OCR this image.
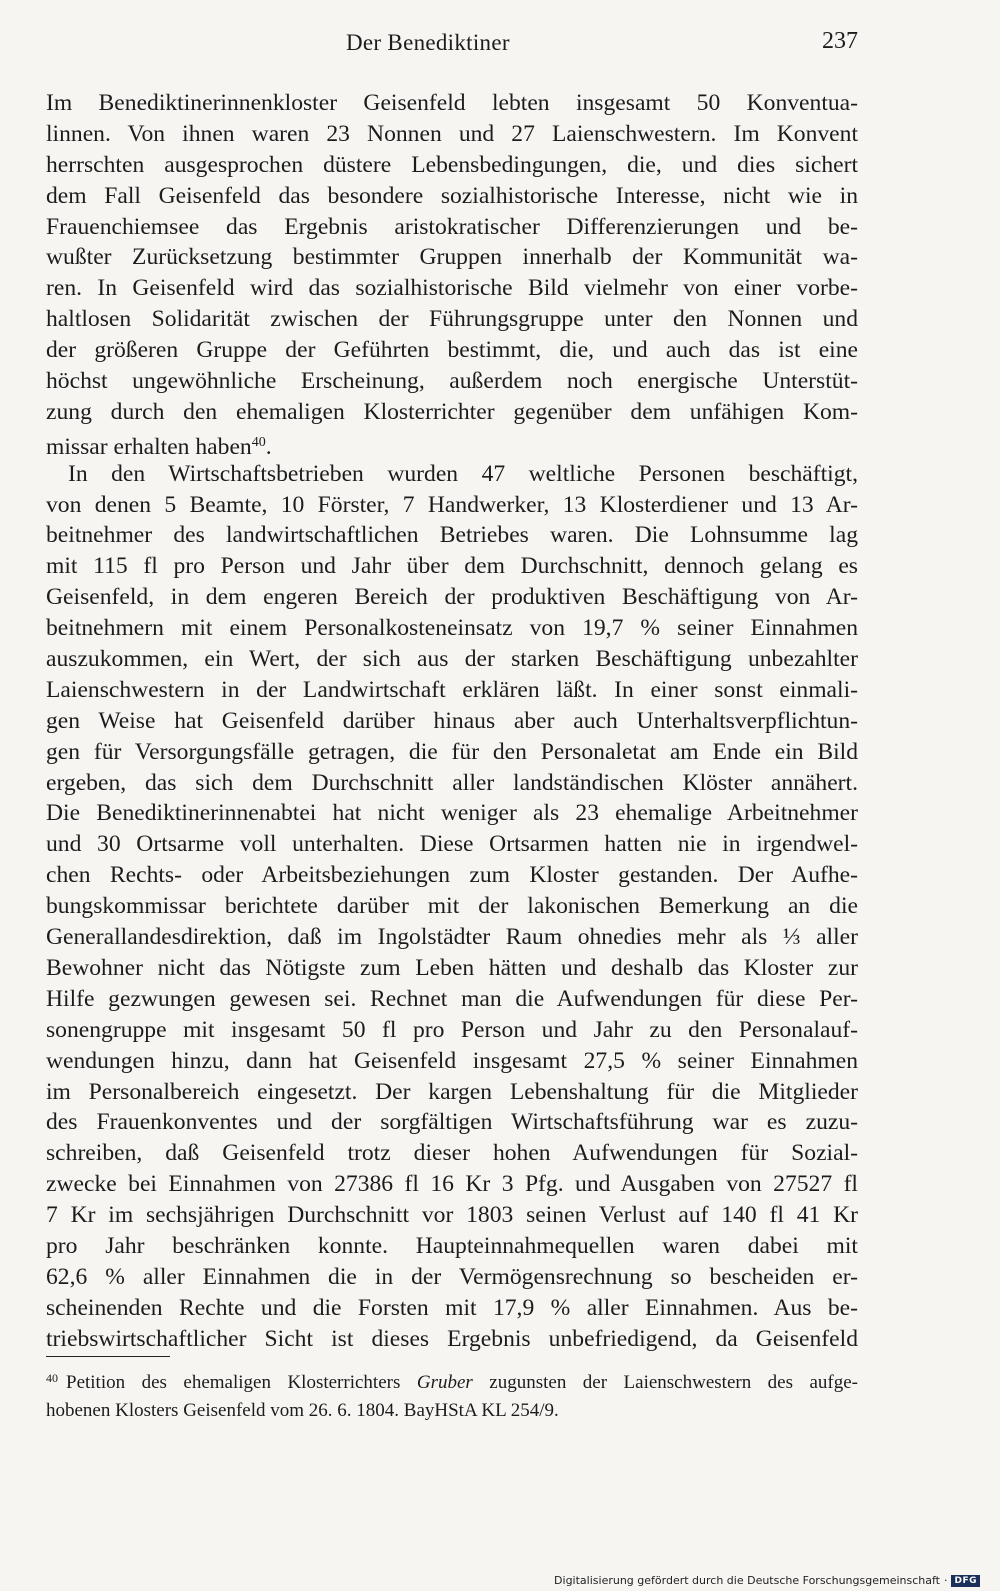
Der Benediktiner	237
Im Benediktinerinnenkloster Geisenfeld lebten insgesamt 50 Konventua-
linnen. Von ihnen waren 23 Nonnen und 27 Laienschwestern. Im Konvent
herrschten ausgesprochen düstere Lebensbedingungen, die, und dies sichert
dem Fall Geisenfeld das besondere sozialhistorische Interesse, nicht wie in
Frauenchiemsee das Ergebnis aristokratischer Differenzierungen und be-
wußter Zurücksetzung bestimmter Gruppen innerhalb der Kommunität wa-
ren. In Geisenfeld wird das sozialhistorische Bild vielmehr von einer vorbe-
haltlosen Solidarität zwischen der Führungsgruppe unter den Nonnen und
der größeren Gruppe der Geführten bestimmt, die, und auch das ist eine
höchst ungewöhnliche Erscheinung, außerdem noch energische Unterstüt-
zung durch den ehemaligen Klosterrichter gegenüber dem unfähigen Kom-
missar erhalten haben$^{40}$.
In den Wirtschaftsbetrieben wurden 47 weltliche Personen beschäftigt,
von denen 5 Beamte, 10 Förster, 7 Handwerker, 13 Klosterdiener und 13 Ar-
beitnehmer des landwirtschaftlichen Betriebes waren. Die Lohnsumme lag
mit 115 fl pro Person und Jahr über dem Durchschnitt, dennoch gelang es
Geisenfeld, in dem engeren Bereich der produktiven Beschäftigung von Ar-
beitnehmern mit einem Personalkosteneinsatz von 19,7 % seiner Einnahmen
auszukommen, ein Wert, der sich aus der starken Beschäftigung unbezahlter
Laienschwestern in der Landwirtschaft erklären läßt. In einer sonst einmali-
gen Weise hat Geisenfeld darüber hinaus aber auch Unterhaltsverpflichtun-
gen für Versorgungsfälle getragen, die für den Personaletat am Ende ein Bild
ergeben, das sich dem Durchschnitt aller landständischen Klöster annähert.
Die Benediktinerinnenabtei hat nicht weniger als 23 ehemalige Arbeitnehmer
und 30 Ortsarme voll unterhalten. Diese Ortsarmen hatten nie in irgendwel-
chen Rechts- oder Arbeitsbeziehungen zum Kloster gestanden. Der Aufhe-
bungskommissar berichtete darüber mit der lakonischen Bemerkung an die
Generallandesdirektion, daß im Ingolstädter Raum ohnedies mehr als ⅓ aller
Bewohner nicht das Nötigste zum Leben hätten und deshalb das Kloster zur
Hilfe gezwungen gewesen sei. Rechnet man die Aufwendungen für diese Per-
sonengruppe mit insgesamt 50 fl pro Person und Jahr zu den Personalauf-
wendungen hinzu, dann hat Geisenfeld insgesamt 27,5 % seiner Einnahmen
im Personalbereich eingesetzt. Der kargen Lebenshaltung für die Mitglieder
des Frauenkonventes und der sorgfältigen Wirtschaftsführung war es zuzu-
schreiben, daß Geisenfeld trotz dieser hohen Aufwendungen für Sozial-
zwecke bei Einnahmen von 27386 fl 16 Kr 3 Pfg. und Ausgaben von 27527 fl
7 Kr im sechsjährigen Durchschnitt vor 1803 seinen Verlust auf 140 fl 41 Kr
pro Jahr beschränken konnte. Haupteinnahmequellen waren dabei mit
62,6 % aller Einnahmen die in der Vermögensrechnung so bescheiden er-
scheinenden Rechte und die Forsten mit 17,9 % aller Einnahmen. Aus be-
triebswirtschaftlicher Sicht ist dieses Ergebnis unbefriedigend, da Geisenfeld
$^{40}$ Petition des ehemaligen Klosterrichters Gruber zugunsten der Laienschwestern des aufge-
hobenen Klosters Geisenfeld vom 26. 6. 1804. BayHStA KL 254/9.
Digitalisierung gefördert durch die Deutsche Forschungsgemeinschaft · DFG
